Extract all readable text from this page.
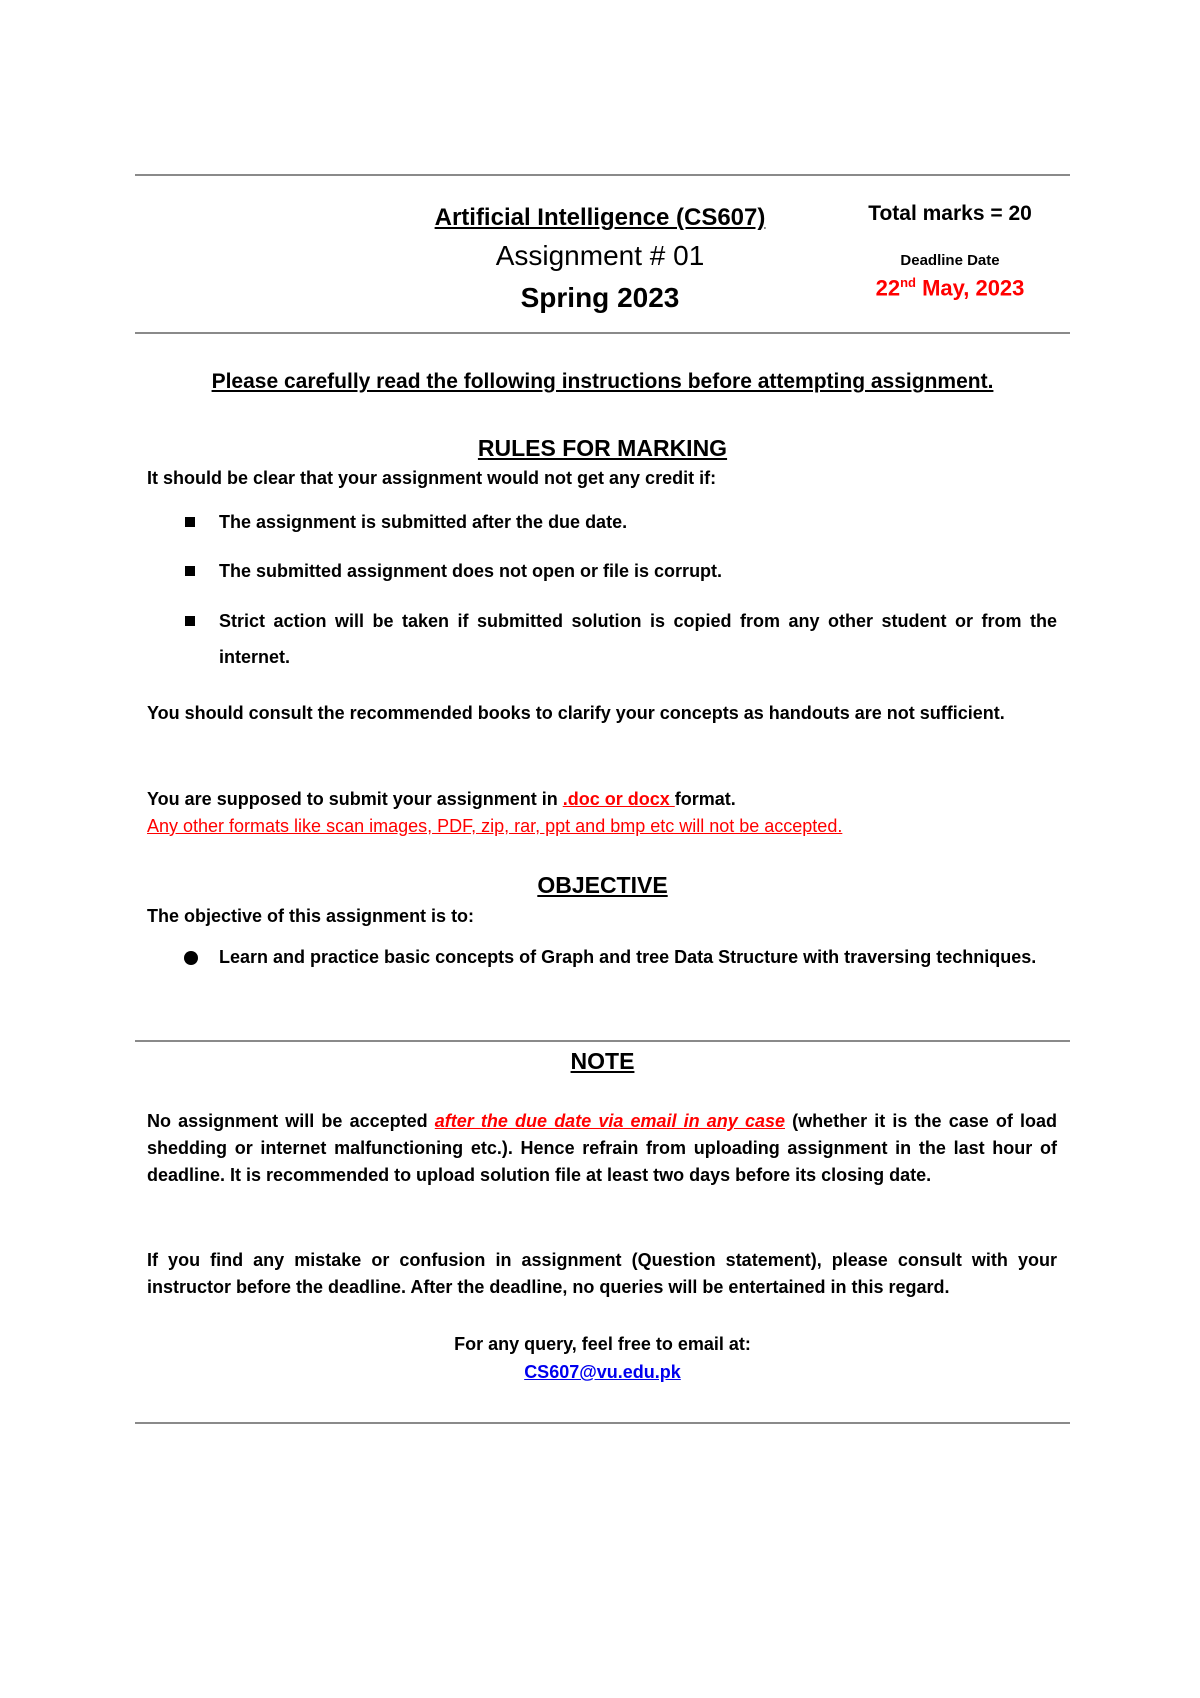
Artificial Intelligence (CS607)
Assignment # 01
Spring 2023
Total marks = 20
Deadline Date
22nd May, 2023
Please carefully read the following instructions before attempting assignment.
RULES FOR MARKING
It should be clear that your assignment would not get any credit if:
The assignment is submitted after the due date.
The submitted assignment does not open or file is corrupt.
Strict action will be taken if submitted solution is copied from any other student or from the internet.
You should consult the recommended books to clarify your concepts as handouts are not sufficient.
You are supposed to submit your assignment in .doc or docx format.
Any other formats like scan images, PDF, zip, rar, ppt and bmp etc will not be accepted.
OBJECTIVE
The objective of this assignment is to:
Learn and practice basic concepts of Graph and tree Data Structure with traversing techniques.
NOTE
No assignment will be accepted after the due date via email in any case (whether it is the case of load shedding or internet malfunctioning etc.). Hence refrain from uploading assignment in the last hour of deadline. It is recommended to upload solution file at least two days before its closing date.
If you find any mistake or confusion in assignment (Question statement), please consult with your instructor before the deadline. After the deadline, no queries will be entertained in this regard.
For any query, feel free to email at:
CS607@vu.edu.pk
